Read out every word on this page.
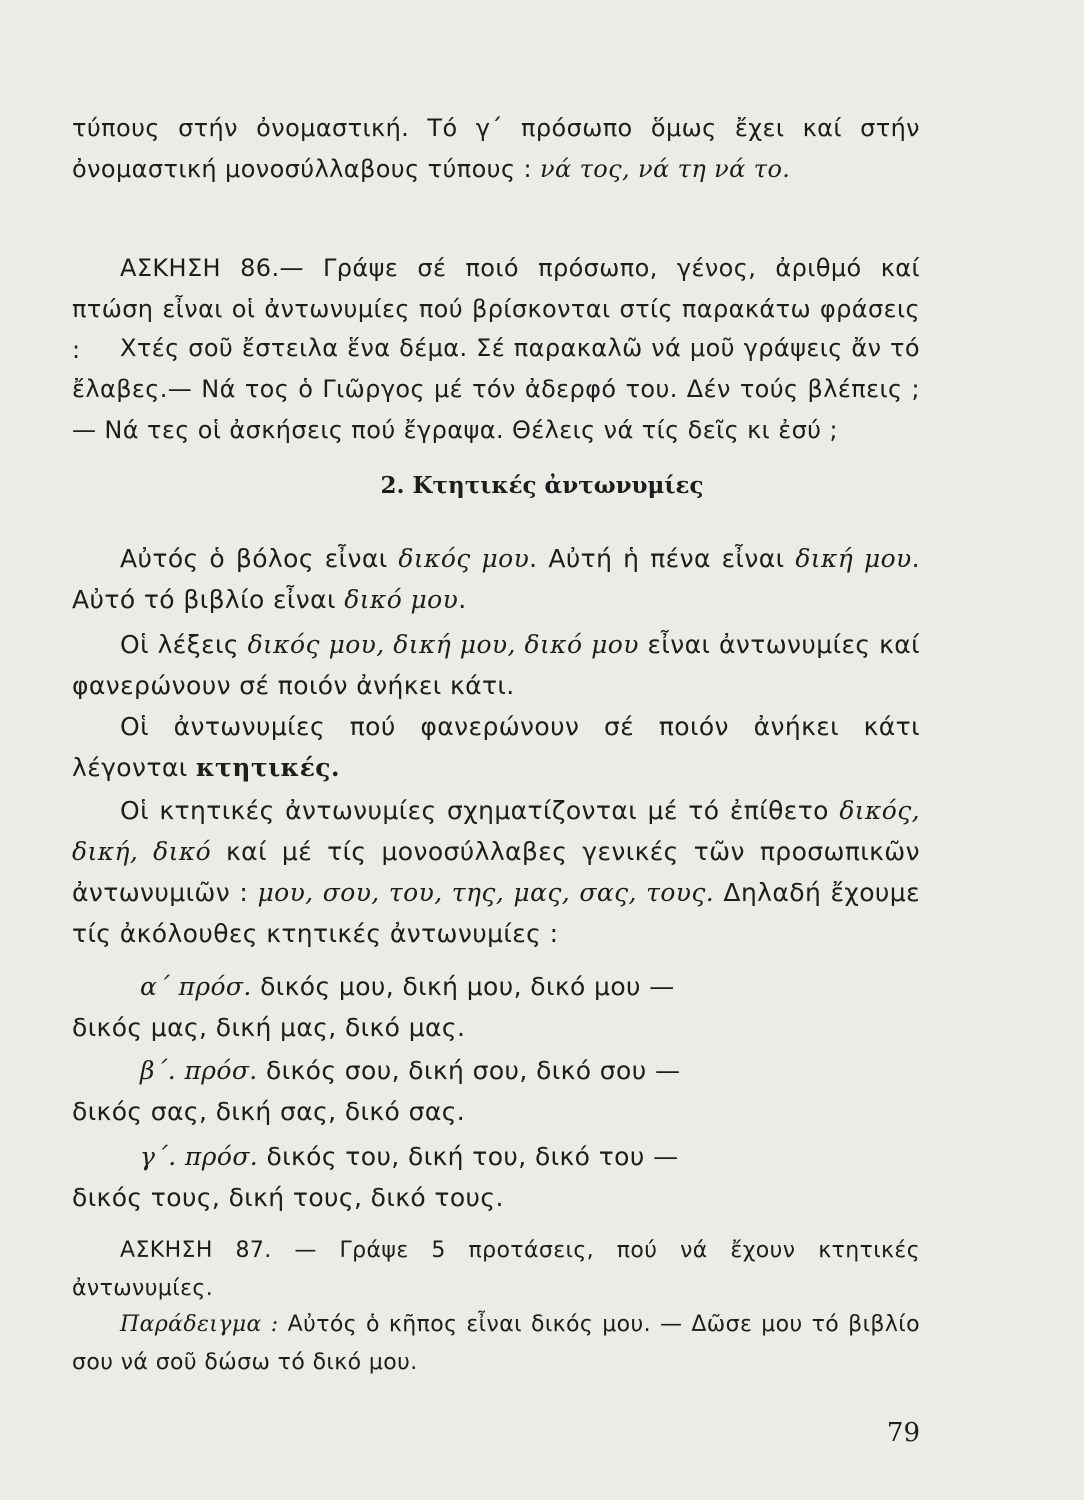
τύπους στήν ὀνομαστική. Τό γ΄ πρόσωπο ὅμως ἔχει καί στήν ὀνομαστική μονοσύλλαβους τύπους : νά τος, νά τη νά το.
ΑΣΚΗΣΗ 86.— Γράψε σέ ποιό πρόσωπο, γένος, ἀριθμό καί πτώση εἶναι οἱ ἀντωνυμίες πού βρίσκονται στίς παρακάτω φράσεις :	Χτές σοῦ ἔστειλα ἕνα δέμα. Σέ παρακαλῶ νά μοῦ γράψεις ἄν τό ἔλαβες.— Νά τος ὁ Γιῶργος μέ τόν ἀδερφό του. Δέν τούς βλέπεις ;— Νά τες οἱ ἀσκήσεις πού ἔγραψα. Θέλεις νά τίς δεῖς κι ἐσύ ;
2. Κτητικές ἀντωνυμίες
Αὐτός ὁ βόλος εἶναι δικός μου. Αὐτή ἡ πένα εἶναι δική μου. Αὐτό τό βιβλίο εἶναι δικό μου.
Οἱ λέξεις δικός μου, δική μου, δικό μου εἶναι ἀντωνυμίες καί φανερώνουν σέ ποιόν ἀνήκει κάτι.
Οἱ ἀντωνυμίες πού φανερώνουν σέ ποιόν ἀνήκει κάτι λέγονται κτητικές.
Οἱ κτητικές ἀντωνυμίες σχηματίζονται μέ τό ἐπίθετο δικός, δική, δικό καί μέ τίς μονοσύλλαβες γενικές τῶν προσωπικῶν ἀντωνυμιῶν : μου, σου, του, της, μας, σας, τους. Δηλαδή ἔχουμε τίς ἀκόλουθες κτητικές ἀντωνυμίες :
α΄ πρόσ. δικός μου, δική μου, δικό μου —
δικός μας, δική μας, δικό μας.
β΄. πρόσ. δικός σου, δική σου, δικό σου —
δικός σας, δική σας, δικό σας.
γ΄. πρόσ. δικός του, δική του, δικό του —
δικός τους, δική τους, δικό τους.
ΑΣΚΗΣΗ 87. — Γράψε 5 προτάσεις, πού νά ἔχουν κτητικές ἀντωνυμίες.
Παράδειγμα : Αὐτός ὁ κῆπος εἶναι δικός μου. — Δῶσε μου τό βιβλίο σου νά σοῦ δώσω τό δικό μου.
79
